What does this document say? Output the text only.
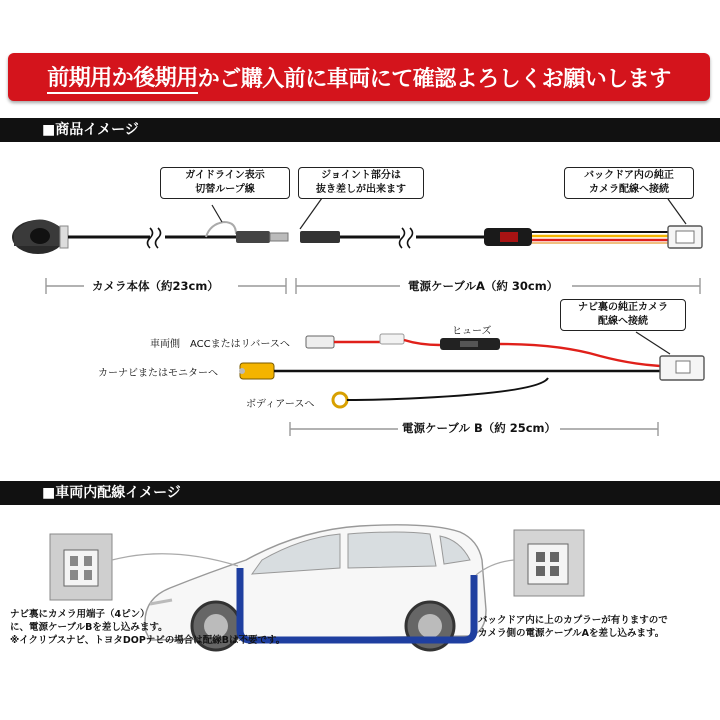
前期用か後期用 かご購入前に車両にて確認よろしくお願いします
■商品イメージ
ガイドライン表示
切替ループ線
ジョイント部分は
抜き差しが出来ます
バックドア内の純正
カメラ配線へ接続
ナビ裏の純正カメラ
配線へ接続
カメラ本体（約23cm）	電源ケーブルA（約 30cm）
車両側　ACCまたはリバースへ
ヒューズ
カーナビまたはモニターへ
ボディアースへ
電源ケーブル B（約 25cm）
■車両内配線イメージ
ナビ裏にカメラ用端子（4ピン）
に、電源ケーブルBを差し込みます。
※イクリプスナビ、トヨタDOPナビの場合は配線Bは不要です。
バックドア内に上のカプラーが有りますので
カメラ側の電源ケーブルAを差し込みます。
